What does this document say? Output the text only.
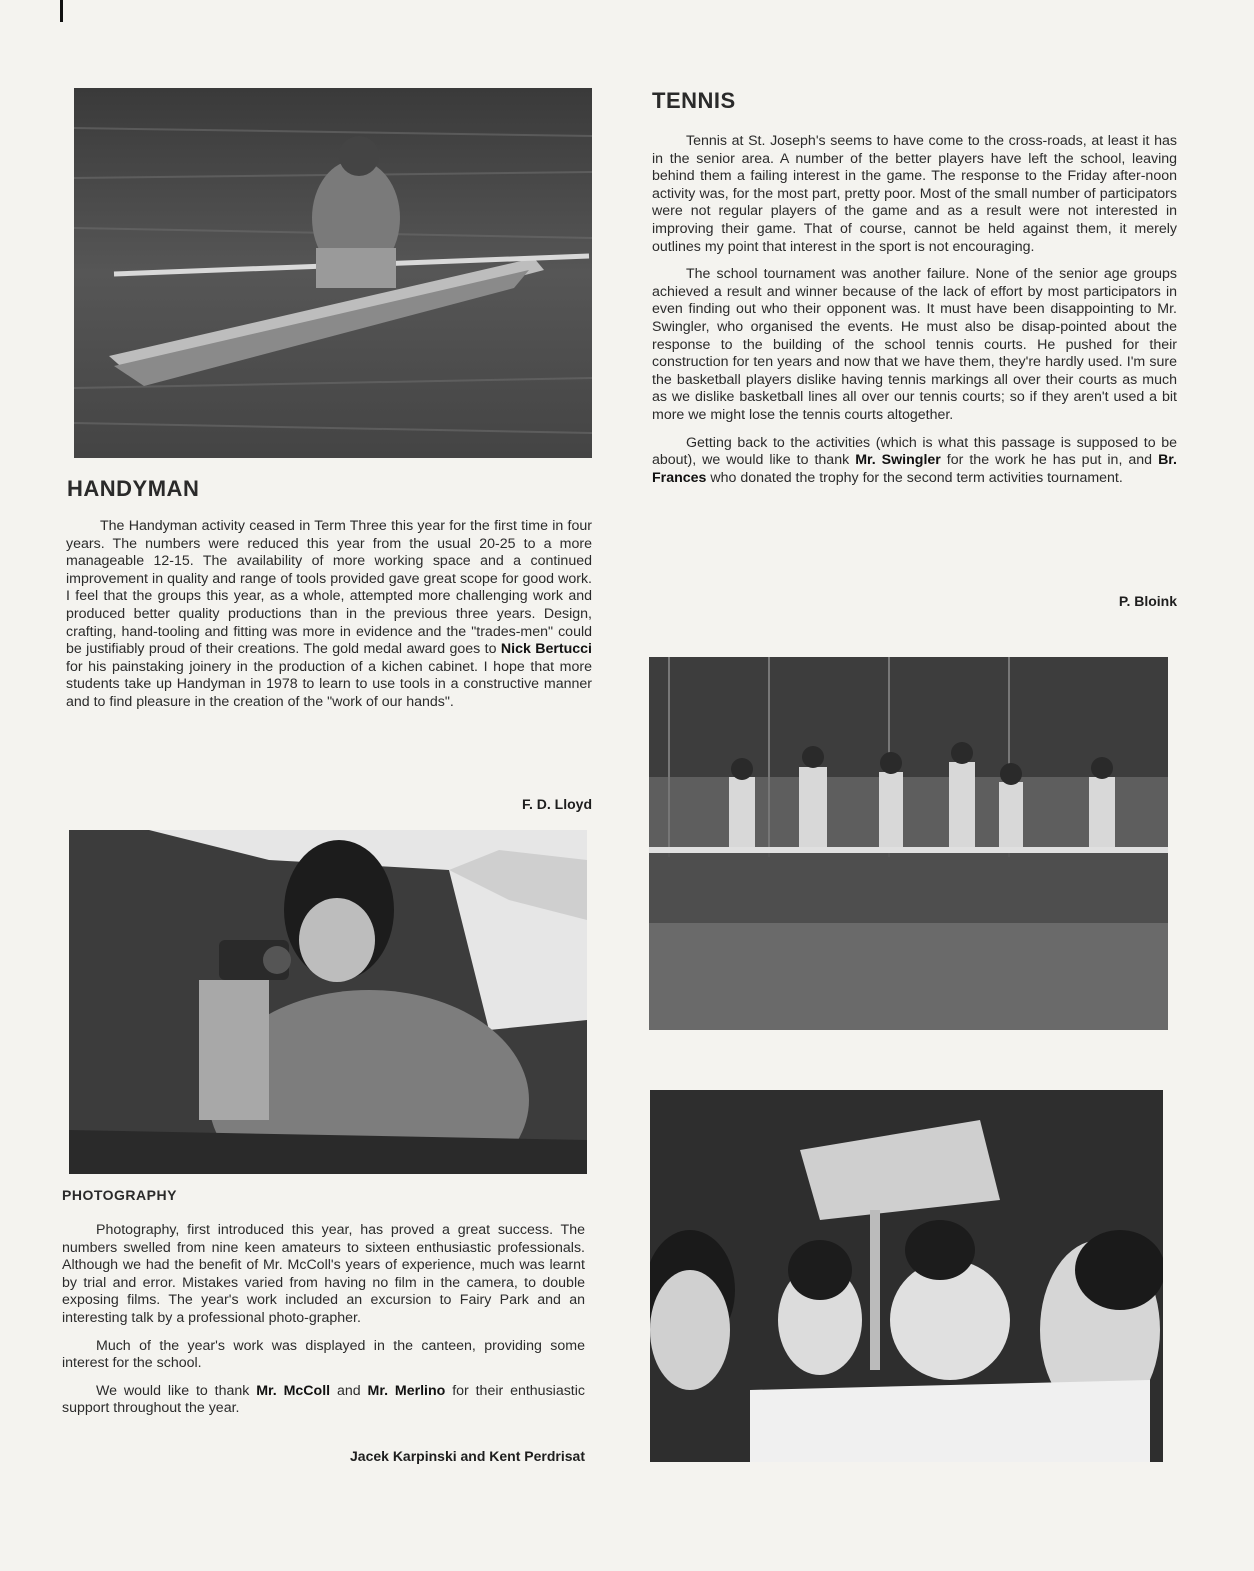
HANDYMAN

The Handyman activity ceased in Term Three this year for the first time in four years. The numbers were reduced this year from the usual 20-25 to a more manageable 12-15. The availability of more working space and a continued improvement in quality and range of tools provided gave great scope for good work. I feel that the groups this year, as a whole, attempted more challenging work and produced better quality productions than in the previous three years. Design, crafting, hand-tooling and fitting was more in evidence and the "trades-men" could be justifiably proud of their creations. The gold medal award goes to Nick Bertucci for his painstaking joinery in the production of a kichen cabinet. I hope that more students take up Handyman in 1978 to learn to use tools in a constructive manner and to find pleasure in the creation of the "work of our hands".

F. D. Lloyd
PHOTOGRAPHY

Photography, first introduced this year, has proved a great success. The numbers swelled from nine keen amateurs to sixteen enthusiastic professionals. Although we had the benefit of Mr. McColl's years of experience, much was learnt by trial and error. Mistakes varied from having no film in the camera, to double exposing films. The year's work included an excursion to Fairy Park and an interesting talk by a professional photo-grapher.

Much of the year's work was displayed in the canteen, providing some interest for the school.

We would like to thank Mr. McColl and Mr. Merlino for their enthusiastic support throughout the year.

Jacek Karpinski and Kent Perdrisat
TENNIS

Tennis at St. Joseph's seems to have come to the cross-roads, at least it has in the senior area. A number of the better players have left the school, leaving behind them a failing interest in the game. The response to the Friday after-noon activity was, for the most part, pretty poor. Most of the small number of participators were not regular players of the game and as a result were not interested in improving their game. That of course, cannot be held against them, it merely outlines my point that interest in the sport is not encouraging.

The school tournament was another failure. None of the senior age groups achieved a result and winner because of the lack of effort by most participators in even finding out who their opponent was. It must have been disappointing to Mr. Swingler, who organised the events. He must also be disap-pointed about the response to the building of the school tennis courts. He pushed for their construction for ten years and now that we have them, they're hardly used. I'm sure the basketball players dislike having tennis markings all over their courts as much as we dislike basketball lines all over our tennis courts; so if they aren't used a bit more we might lose the tennis courts altogether.

Getting back to the activities (which is what this passage is supposed to be about), we would like to thank Mr. Swingler for the work he has put in, and Br. Frances who donated the trophy for the second term activities tournament.

P. Bloink
